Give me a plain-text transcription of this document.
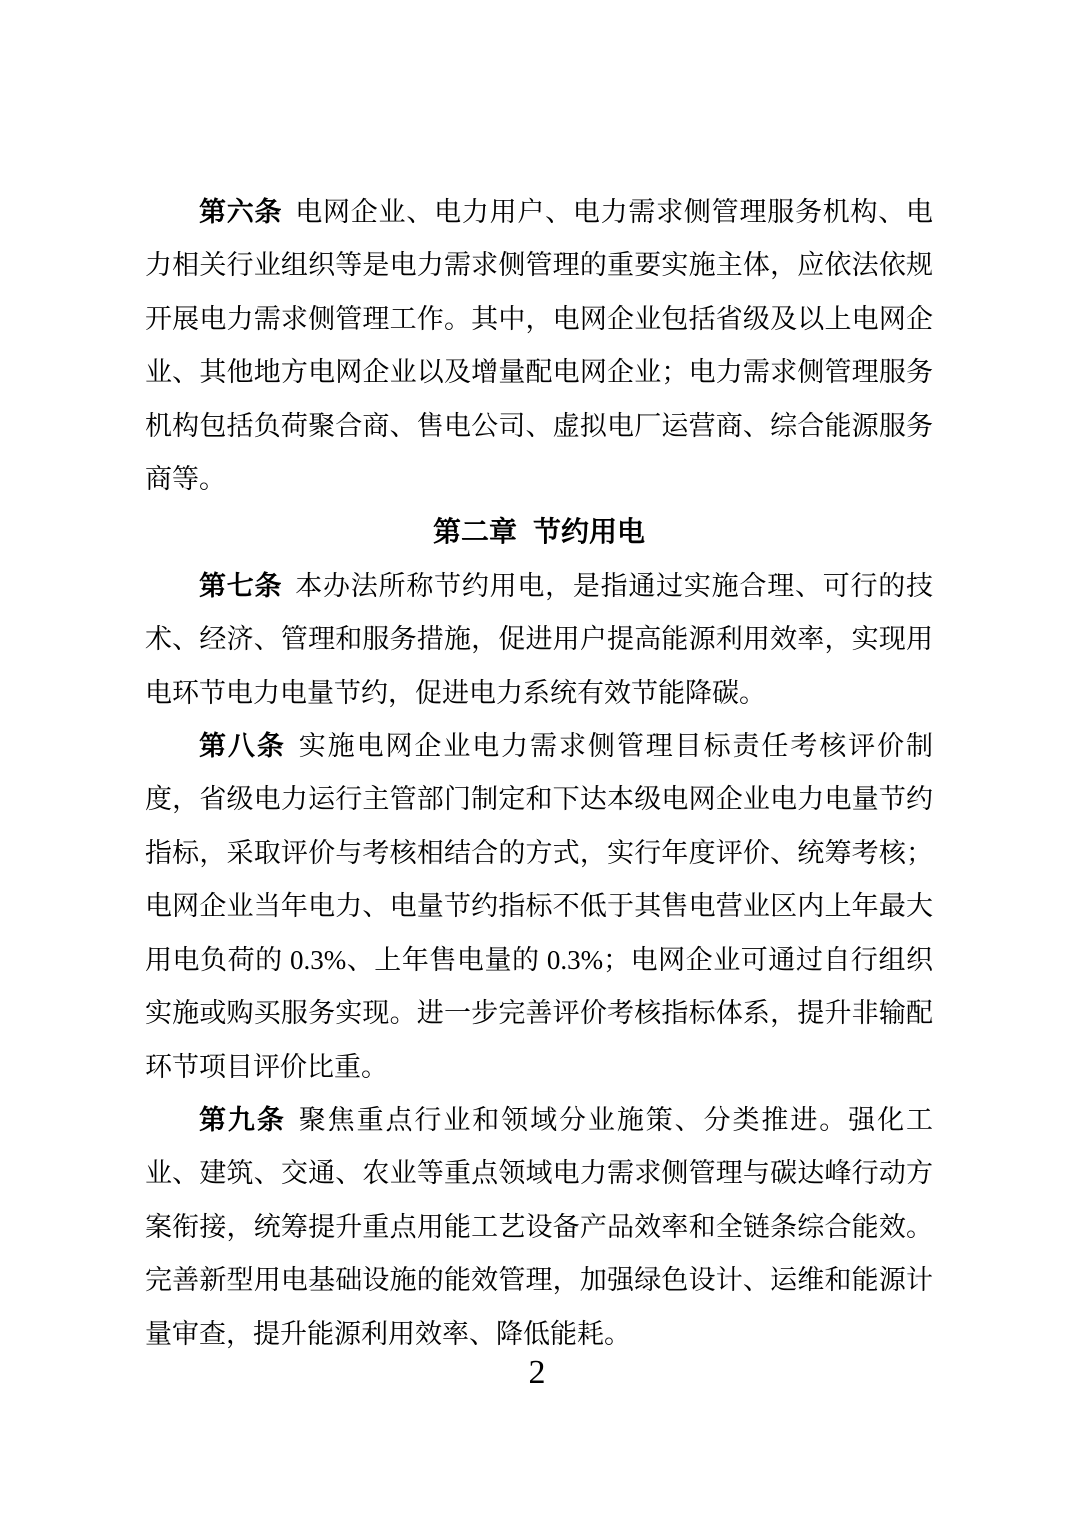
第六条 电网企业、电力用户、电力需求侧管理服务机构、电力相关行业组织等是电力需求侧管理的重要实施主体，应依法依规开展电力需求侧管理工作。其中，电网企业包括省级及以上电网企业、其他地方电网企业以及增量配电网企业；电力需求侧管理服务机构包括负荷聚合商、售电公司、虚拟电厂运营商、综合能源服务商等。

第二章 节约用电

第七条 本办法所称节约用电，是指通过实施合理、可行的技术、经济、管理和服务措施，促进用户提高能源利用效率，实现用电环节电力电量节约，促进电力系统有效节能降碳。

第八条 实施电网企业电力需求侧管理目标责任考核评价制度，省级电力运行主管部门制定和下达本级电网企业电力电量节约指标，采取评价与考核相结合的方式，实行年度评价、统筹考核；电网企业当年电力、电量节约指标不低于其售电营业区内上年最大用电负荷的 0.3%、上年售电量的 0.3%；电网企业可通过自行组织实施或购买服务实现。进一步完善评价考核指标体系，提升非输配环节项目评价比重。

第九条 聚焦重点行业和领域分业施策、分类推进。强化工业、建筑、交通、农业等重点领域电力需求侧管理与碳达峰行动方案衔接，统筹提升重点用能工艺设备产品效率和全链条综合能效。完善新型用电基础设施的能效管理，加强绿色设计、运维和能源计量审查，提升能源利用效率、降低能耗。

2
